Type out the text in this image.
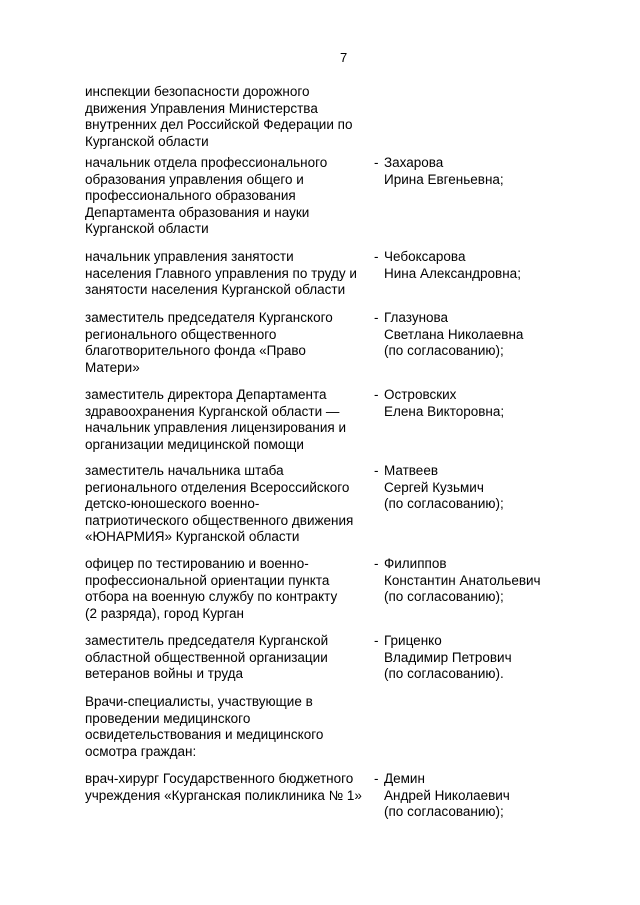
7
инспекции безопасности дорожного
движения Управления Министерства
внутренних дел Российской Федерации по
Курганской области
начальник отдела профессионального
образования управления общего и
профессионального образования
Департамента образования и науки
Курганской области
- Захарова
Ирина Евгеньевна;
начальник управления занятости
населения Главного управления по труду и
занятости населения Курганской области
- Чебоксарова
Нина Александровна;
заместитель председателя Курганского
регионального общественного
благотворительного фонда «Право
Матери»
- Глазунова
Светлана Николаевна
(по согласованию);
заместитель директора Департамента
здравоохранения Курганской области —
начальник управления лицензирования и
организации медицинской помощи
- Островских
Елена Викторовна;
заместитель начальника штаба
регионального отделения Всероссийского
детско-юношеского военно-
патриотического общественного движения
«ЮНАРМИЯ» Курганской области
- Матвеев
Сергей Кузьмич
(по согласованию);
офицер по тестированию и военно-
профессиональной ориентации пункта
отбора на военную службу по контракту
(2 разряда), город Курган
- Филиппов
Константин Анатольевич
(по согласованию);
заместитель председателя Курганской
областной общественной организации
ветеранов войны и труда
- Гриценко
Владимир Петрович
(по согласованию).
Врачи-специалисты, участвующие в
проведении медицинского
освидетельствования и медицинского
осмотра граждан:
врач-хирург Государственного бюджетного
учреждения «Курганская поликлиника № 1»
- Демин
Андрей Николаевич
(по согласованию);
